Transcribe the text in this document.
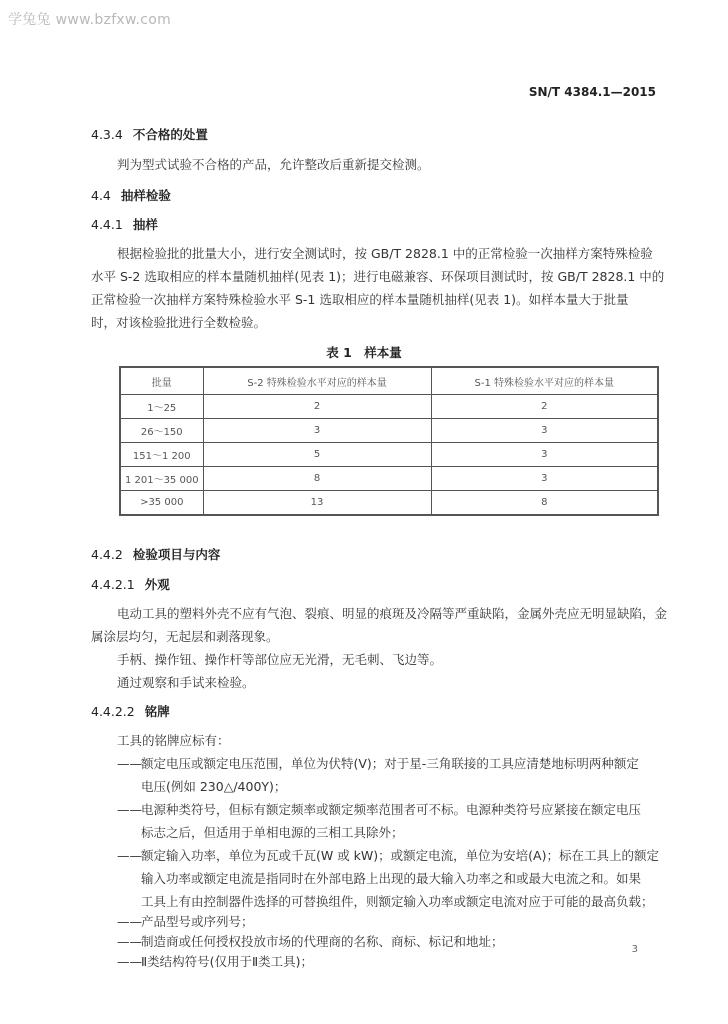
学兔兔 www.bzfxw.com
SN/T 4384.1—2015
4.3.4 不合格的处置
判为型式试验不合格的产品，允许整改后重新提交检测。
4.4 抽样检验
4.4.1 抽样
根据检验批的批量大小，进行安全测试时，按 GB/T 2828.1 中的正常检验一次抽样方案特殊检验
水平 S-2 选取相应的样本量随机抽样(见表 1)；进行电磁兼容、环保项目测试时，按 GB/T 2828.1 中的
正常检验一次抽样方案特殊检验水平 S-1 选取相应的样本量随机抽样(见表 1)。如样本量大于批量
时，对该检验批进行全数检验。
表 1　样本量
批量	S-2 特殊检验水平对应的样本量	S-1 特殊检验水平对应的样本量
1～25	2	2
26～150	3	3
151～1 200	5	3
1 201～35 000	8	3
>35 000	13	8
4.4.2 检验项目与内容
4.4.2.1 外观
电动工具的塑料外壳不应有气泡、裂痕、明显的痕斑及冷隔等严重缺陷，金属外壳应无明显缺陷，金
属涂层均匀，无起层和剥落现象。
手柄、操作钮、操作杆等部位应无光滑，无毛刺、飞边等。
通过观察和手试来检验。
4.4.2.2 铭牌
工具的铭牌应标有：
——额定电压或额定电压范围，单位为伏特(V)；对于星-三角联接的工具应清楚地标明两种额定
电压(例如 230△/400Y)；
——电源种类符号，但标有额定频率或额定频率范围者可不标。电源种类符号应紧接在额定电压
标志之后，但适用于单相电源的三相工具除外；
——额定输入功率，单位为瓦或千瓦(W 或 kW)；或额定电流，单位为安培(A)；标在工具上的额定
输入功率或额定电流是指同时在外部电路上出现的最大输入功率之和或最大电流之和。如果
工具上有由控制器件选择的可替换组件，则额定输入功率或额定电流对应于可能的最高负载；
——产品型号或序列号；
——制造商或任何授权投放市场的代理商的名称、商标、标记和地址；
——Ⅱ类结构符号(仅用于Ⅱ类工具)；
3
